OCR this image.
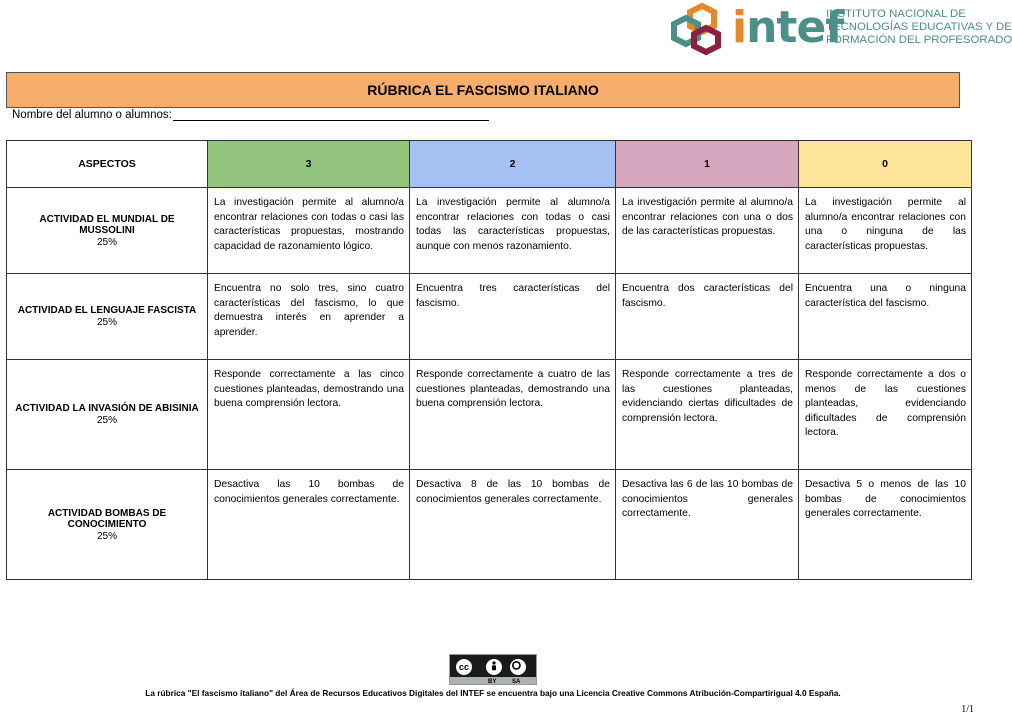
intef
INSTITUTO NACIONAL DE
TECNOLOGÍAS EDUCATIVAS Y DE
FORMACIÓN DEL PROFESORADO
RÚBRICA EL FASCISMO ITALIANO
Nombre del alumno o alumnos:
ASPECTOS	3	2	1	0

ACTIVIDAD EL MUNDIAL DE MUSSOLINI
25%	La investigación permite al alumno/a encontrar relaciones con todas o casi las características propuestas, mostrando capacidad de razonamiento lógico.	La investigación permite al alumno/a encontrar relaciones con todas o casi todas las características propuestas, aunque con menos razonamiento.	La investigación permite al alumno/a encontrar relaciones con una o dos de las características propuestas.	La investigación permite al alumno/a encontrar relaciones con una o ninguna de las características propuestas.

ACTIVIDAD EL LENGUAJE FASCISTA
25%	Encuentra no solo tres, sino cuatro características del fascismo, lo que demuestra interés en aprender a aprender.	Encuentra tres características del fascismo.	Encuentra dos características del fascismo.	Encuentra una o ninguna característica del fascismo.

ACTIVIDAD LA INVASIÓN DE ABISINIA
25%	Responde correctamente a las cinco cuestiones planteadas, demostrando una buena comprensión lectora.	Responde correctamente a cuatro de las cuestiones planteadas, demostrando una buena comprensión lectora.	Responde correctamente a tres de las cuestiones planteadas, evidenciando ciertas dificultades de comprensión lectora.	Responde correctamente a dos o menos de las cuestiones planteadas, evidenciando dificultades de comprensión lectora.

ACTIVIDAD BOMBAS DE CONOCIMIENTO
25%	Desactiva las 10 bombas de conocimientos generales correctamente.	Desactiva 8 de las 10 bombas de conocimientos generales correctamente.	Desactiva las 6 de las 10 bombas de conocimientos generales correctamente.	Desactiva 5 o menos de las 10 bombas de conocimientos generales correctamente.
cc
BY	SA
La rúbrica "El fascismo italiano" del Área de Recursos Educativos Digitales del INTEF se encuentra bajo una Licencia Creative Commons Atribución-Compartirigual 4.0 España.
1/1
